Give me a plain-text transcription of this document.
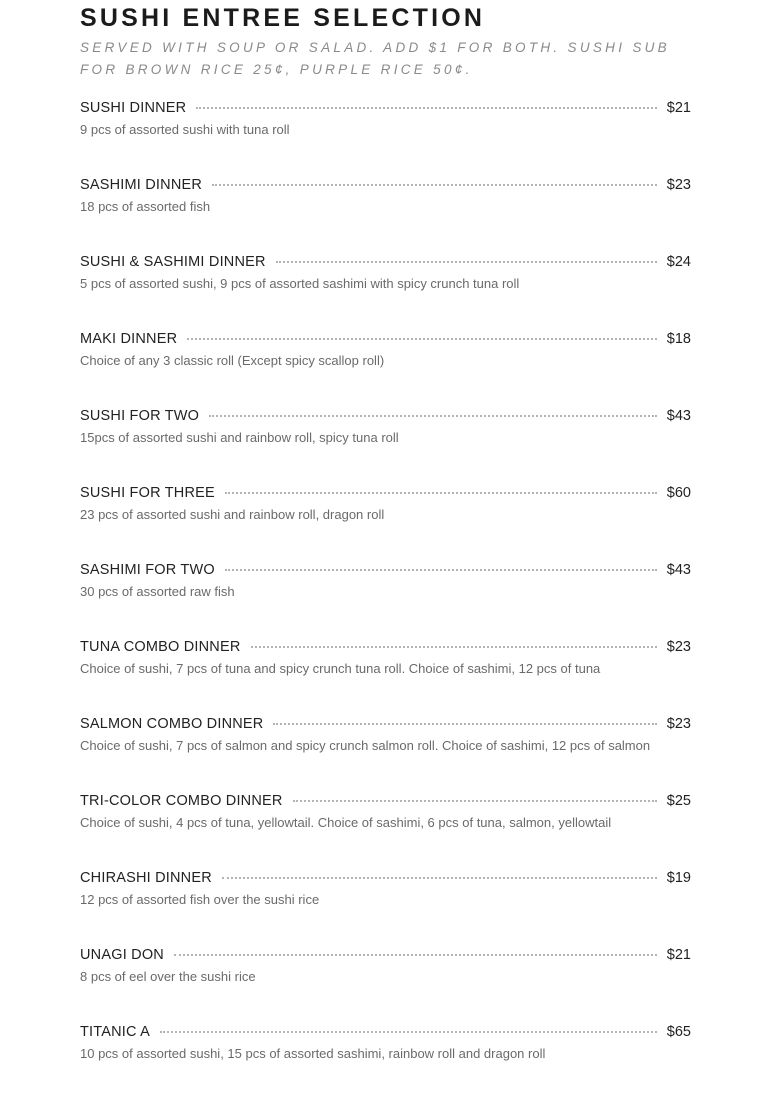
SUSHI ENTREE SELECTION

SERVED WITH SOUP OR SALAD. ADD $1 FOR BOTH. SUSHI SUB FOR BROWN RICE 25¢, PURPLE RICE 50¢.

SUSHI DINNER	$21

9 pcs of assorted sushi with tuna roll

SASHIMI DINNER	$23

18 pcs of assorted fish

SUSHI & SASHIMI DINNER	$24

5 pcs of assorted sushi, 9 pcs of assorted sashimi with spicy crunch tuna roll

MAKI DINNER	$18

Choice of any 3 classic roll (Except spicy scallop roll)

SUSHI FOR TWO	$43

15pcs of assorted sushi and rainbow roll, spicy tuna roll

SUSHI FOR THREE	$60

23 pcs of assorted sushi and rainbow roll, dragon roll

SASHIMI FOR TWO	$43

30 pcs of assorted raw fish

TUNA COMBO DINNER	$23

Choice of sushi, 7 pcs of tuna and spicy crunch tuna roll. Choice of sashimi, 12 pcs of tuna

SALMON COMBO DINNER	$23

Choice of sushi, 7 pcs of salmon and spicy crunch salmon roll. Choice of sashimi, 12 pcs of salmon

TRI-COLOR COMBO DINNER	$25

Choice of sushi, 4 pcs of tuna, yellowtail. Choice of sashimi, 6 pcs of tuna, salmon, yellowtail

CHIRASHI DINNER	$19

12 pcs of assorted fish over the sushi rice

UNAGI DON	$21

8 pcs of eel over the sushi rice

TITANIC A	$65

10 pcs of assorted sushi, 15 pcs of assorted sashimi, rainbow roll and dragon roll
